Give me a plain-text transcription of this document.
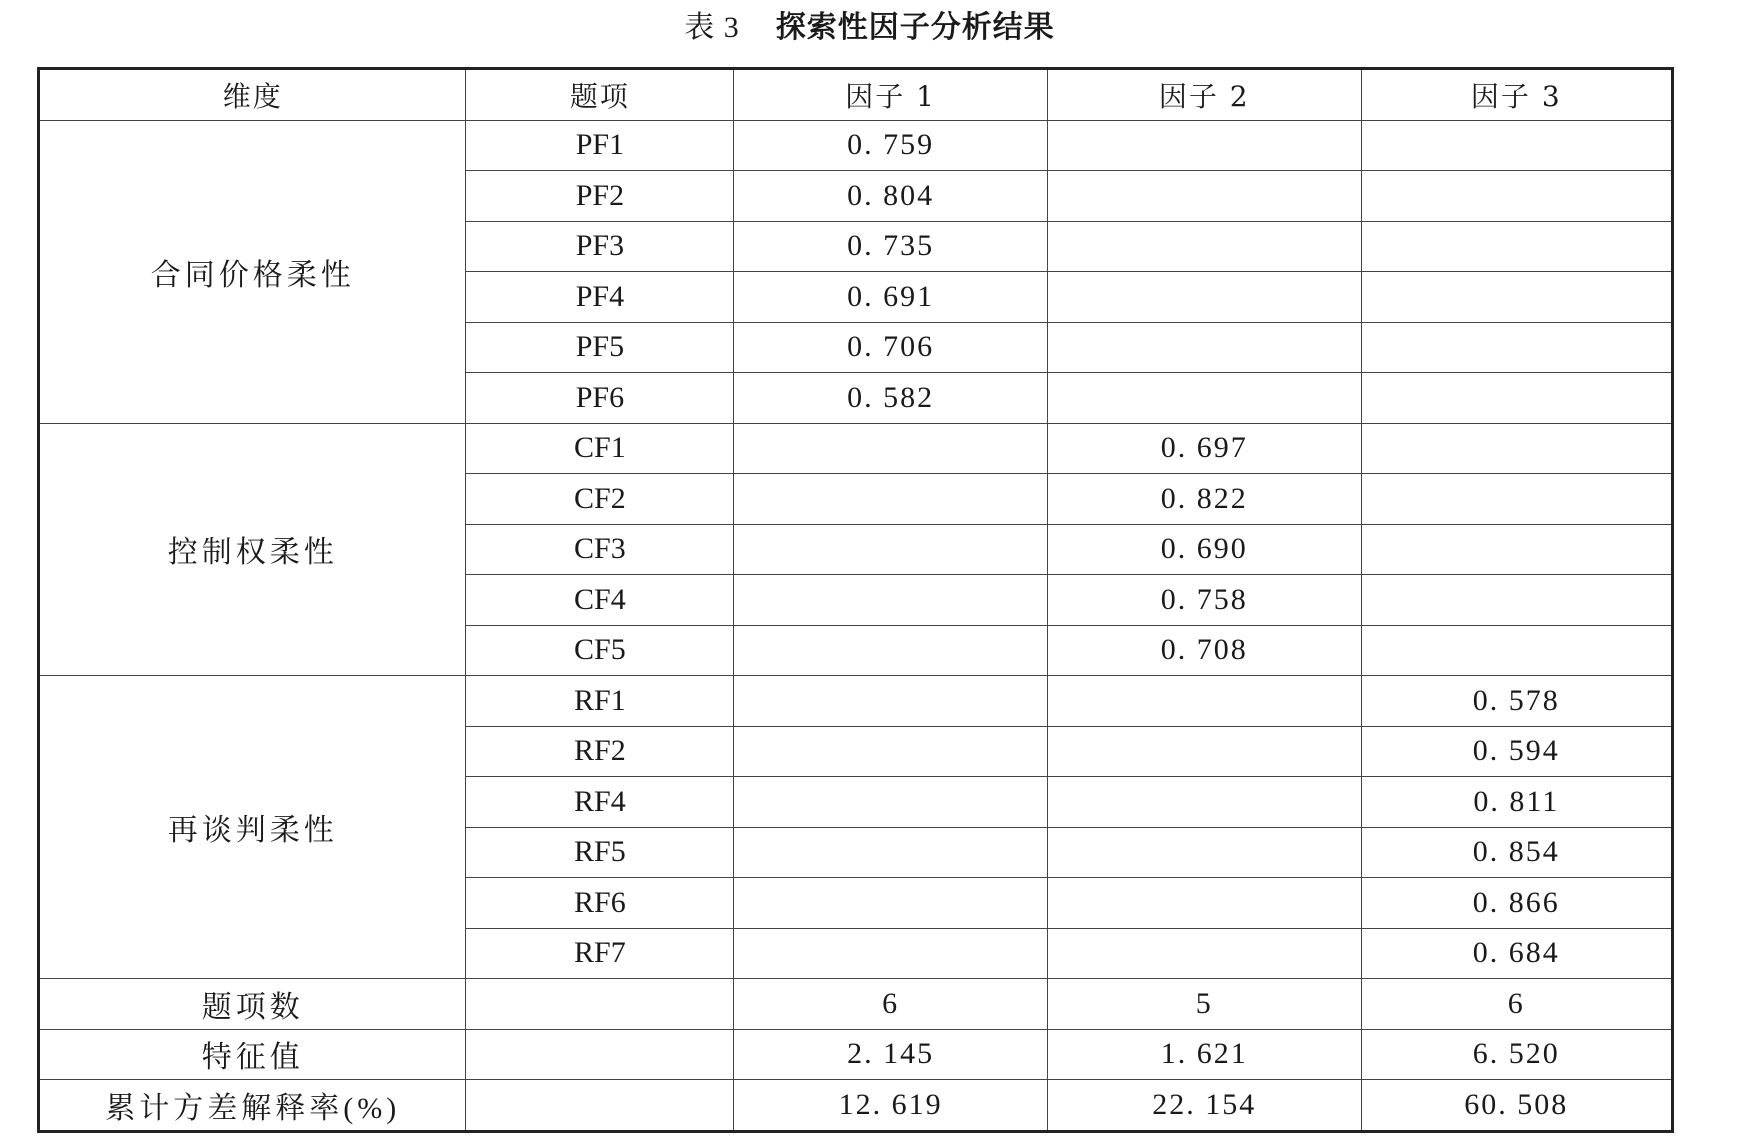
表 3 探索性因子分析结果
维度	题项	因子 1	因子 2	因子 3
合同价格柔性	PF1	0. 759		
	PF2	0. 804		
	PF3	0. 735		
	PF4	0. 691		
	PF5	0. 706		
	PF6	0. 582		
控制权柔性	CF1		0. 697	
	CF2		0. 822	
	CF3		0. 690	
	CF4		0. 758	
	CF5		0. 708	
再谈判柔性	RF1			0. 578
	RF2			0. 594
	RF4			0. 811
	RF5			0. 854
	RF6			0. 866
	RF7			0. 684
题项数		6	5	6
特征值		2. 145	1. 621	6. 520
累计方差解释率(%)		12. 619	22. 154	60. 508
